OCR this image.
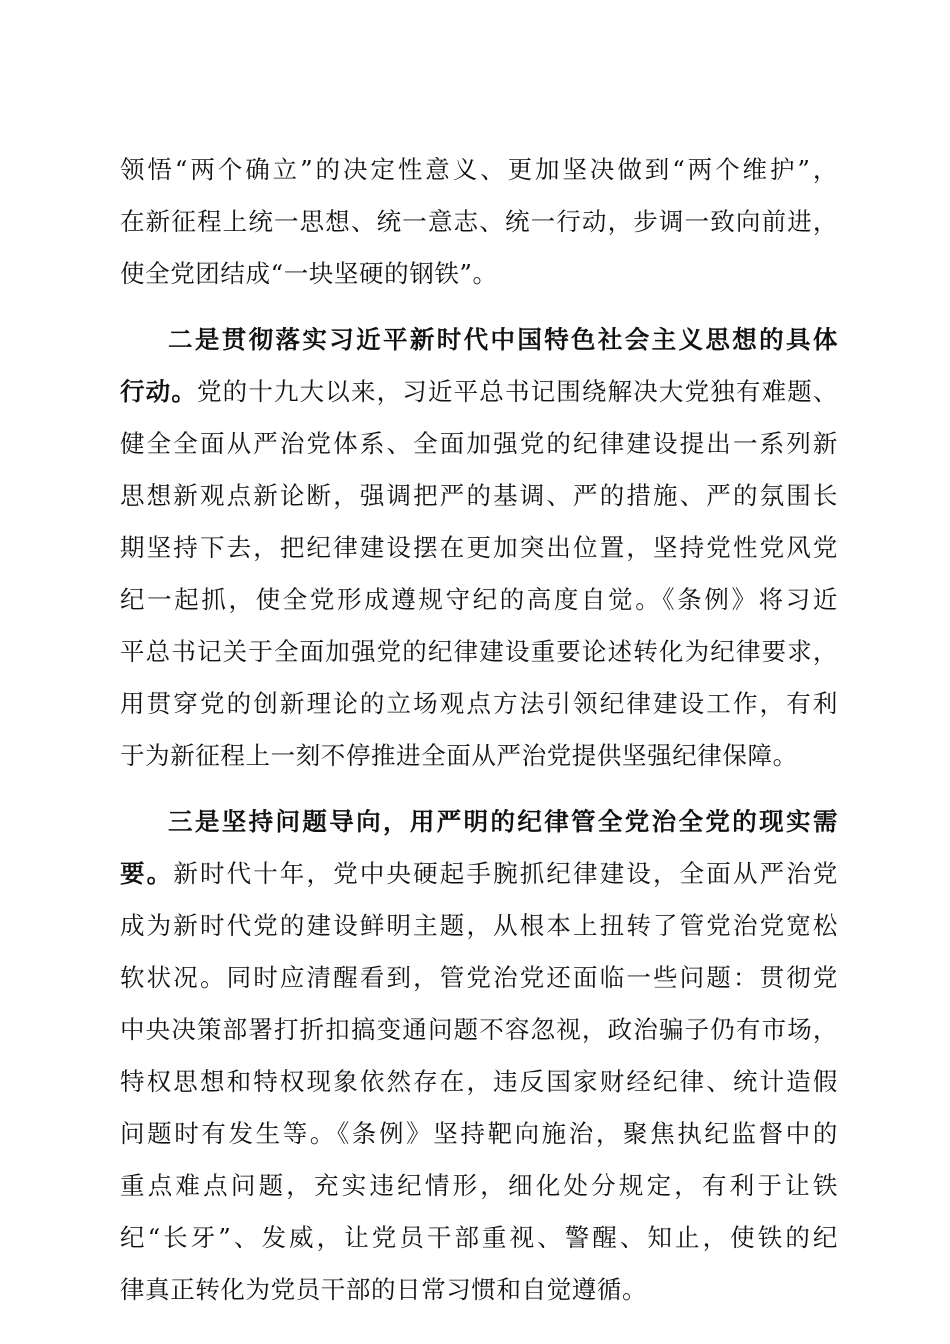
领悟“两个确立”的决定性意义、更加坚决做到“两个维护”，
在新征程上统一思想、统一意志、统一行动，步调一致向前进，
使全党团结成“一块坚硬的钢铁”。
二是贯彻落实习近平新时代中国特色社会主义思想的具体
行动。党的十九大以来，习近平总书记围绕解决大党独有难题、
健全全面从严治党体系、全面加强党的纪律建设提出一系列新
思想新观点新论断，强调把严的基调、严的措施、严的氛围长
期坚持下去，把纪律建设摆在更加突出位置，坚持党性党风党
纪一起抓，使全党形成遵规守纪的高度自觉。《条例》将习近
平总书记关于全面加强党的纪律建设重要论述转化为纪律要求，
用贯穿党的创新理论的立场观点方法引领纪律建设工作，有利
于为新征程上一刻不停推进全面从严治党提供坚强纪律保障。
三是坚持问题导向，用严明的纪律管全党治全党的现实需
要。新时代十年，党中央硬起手腕抓纪律建设，全面从严治党
成为新时代党的建设鲜明主题，从根本上扭转了管党治党宽松
软状况。同时应清醒看到，管党治党还面临一些问题：贯彻党
中央决策部署打折扣搞变通问题不容忽视，政治骗子仍有市场，
特权思想和特权现象依然存在，违反国家财经纪律、统计造假
问题时有发生等。《条例》坚持靶向施治，聚焦执纪监督中的
重点难点问题，充实违纪情形，细化处分规定，有利于让铁
纪“长牙”、发威，让党员干部重视、警醒、知止，使铁的纪
律真正转化为党员干部的日常习惯和自觉遵循。
